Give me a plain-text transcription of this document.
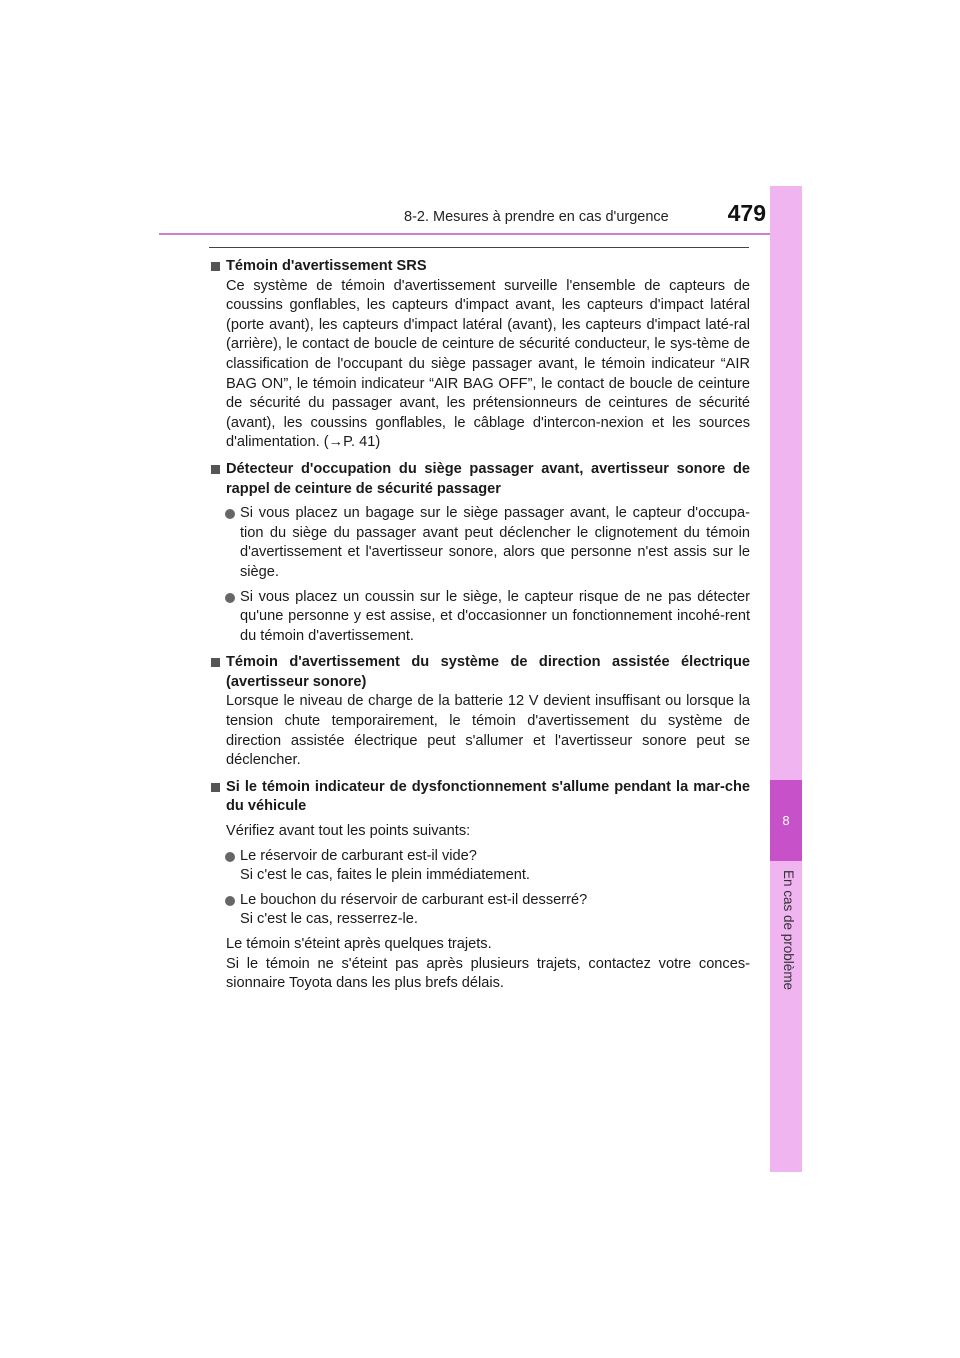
8-2. Mesures à prendre en cas d'urgence	479
8
En cas de problème
Témoin d'avertissement SRS
Ce système de témoin d'avertissement surveille l'ensemble de capteurs de coussins gonflables, les capteurs d'impact avant, les capteurs d'impact latéral (porte avant), les capteurs d'impact latéral (avant), les capteurs d'impact laté-ral (arrière), le contact de boucle de ceinture de sécurité conducteur, le sys-tème de classification de l'occupant du siège passager avant, le témoin indicateur “AIR BAG ON”, le témoin indicateur “AIR BAG OFF”, le contact de boucle de ceinture de sécurité du passager avant, les prétensionneurs de ceintures de sécurité (avant), les coussins gonflables, le câblage d'intercon-nexion et les sources d'alimentation. (→P. 41)
Détecteur d'occupation du siège passager avant, avertisseur sonore de rappel de ceinture de sécurité passager
Si vous placez un bagage sur le siège passager avant, le capteur d'occupa-tion du siège du passager avant peut déclencher le clignotement du témoin d'avertissement et l'avertisseur sonore, alors que personne n'est assis sur le siège.
Si vous placez un coussin sur le siège, le capteur risque de ne pas détecter qu'une personne y est assise, et d'occasionner un fonctionnement incohé-rent du témoin d'avertissement.
Témoin d'avertissement du système de direction assistée électrique (avertisseur sonore)
Lorsque le niveau de charge de la batterie 12 V devient insuffisant ou lorsque la tension chute temporairement, le témoin d'avertissement du système de direction assistée électrique peut s'allumer et l'avertisseur sonore peut se déclencher.
Si le témoin indicateur de dysfonctionnement s'allume pendant la mar-che du véhicule
Vérifiez avant tout les points suivants:
Le réservoir de carburant est-il vide?
Si c'est le cas, faites le plein immédiatement.
Le bouchon du réservoir de carburant est-il desserré?
Si c'est le cas, resserrez-le.
Le témoin s'éteint après quelques trajets.
Si le témoin ne s'éteint pas après plusieurs trajets, contactez votre conces-sionnaire Toyota dans les plus brefs délais.
